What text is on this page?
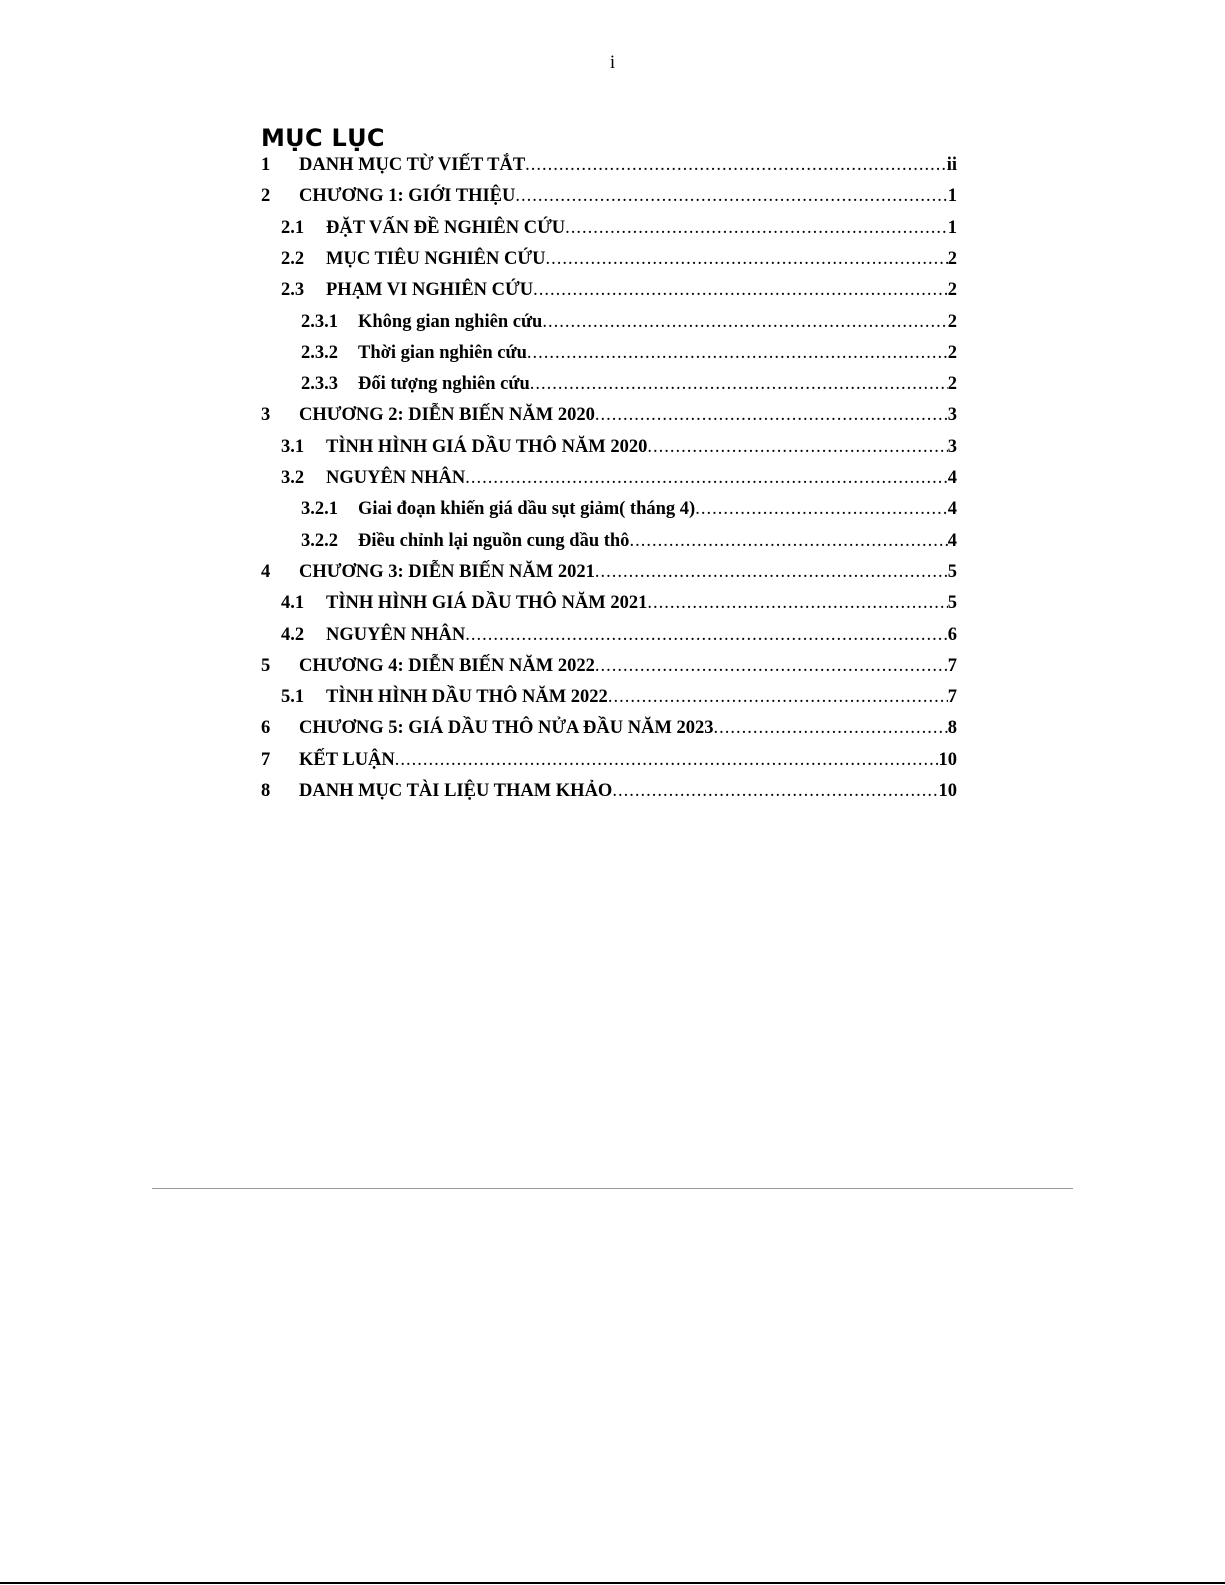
i
MỤC LỤC
1	DANH MỤC TỪ VIẾT TẮT .....	ii
2	CHƯƠNG 1: GIỚI THIỆU .....	1
2.1	ĐẶT VẤN ĐỀ NGHIÊN CỨU .....	1
2.2	MỤC TIÊU NGHIÊN CỨU .....	2
2.3	PHẠM VI NGHIÊN CỨU .....	2
2.3.1	Không gian nghiên cứu .....	2
2.3.2	Thời gian nghiên cứu .....	2
2.3.3	Đối tượng nghiên cứu .....	2
3	CHƯƠNG 2: DIỄN BIẾN NĂM 2020 .....	3
3.1	TÌNH HÌNH GIÁ DẦU THÔ NĂM 2020 .....	3
3.2	NGUYÊN NHÂN .....	4
3.2.1	Giai đoạn khiến giá dầu sụt giảm( tháng 4) .....	4
3.2.2	Điều chỉnh lại nguồn cung dầu thô .....	4
4	CHƯƠNG 3: DIỄN BIẾN NĂM 2021 .....	5
4.1	TÌNH HÌNH GIÁ DẦU THÔ NĂM 2021 .....	5
4.2	NGUYÊN NHÂN .....	6
5	CHƯƠNG 4: DIỄN BIẾN NĂM 2022 .....	7
5.1	TÌNH HÌNH DẦU THÔ NĂM 2022 .....	7
6	CHƯƠNG 5: GIÁ DẦU THÔ NỬA ĐẦU NĂM 2023 .....	8
7	KẾT LUẬN .....	10
8	DANH MỤC TÀI LIỆU THAM KHẢO .....	10
